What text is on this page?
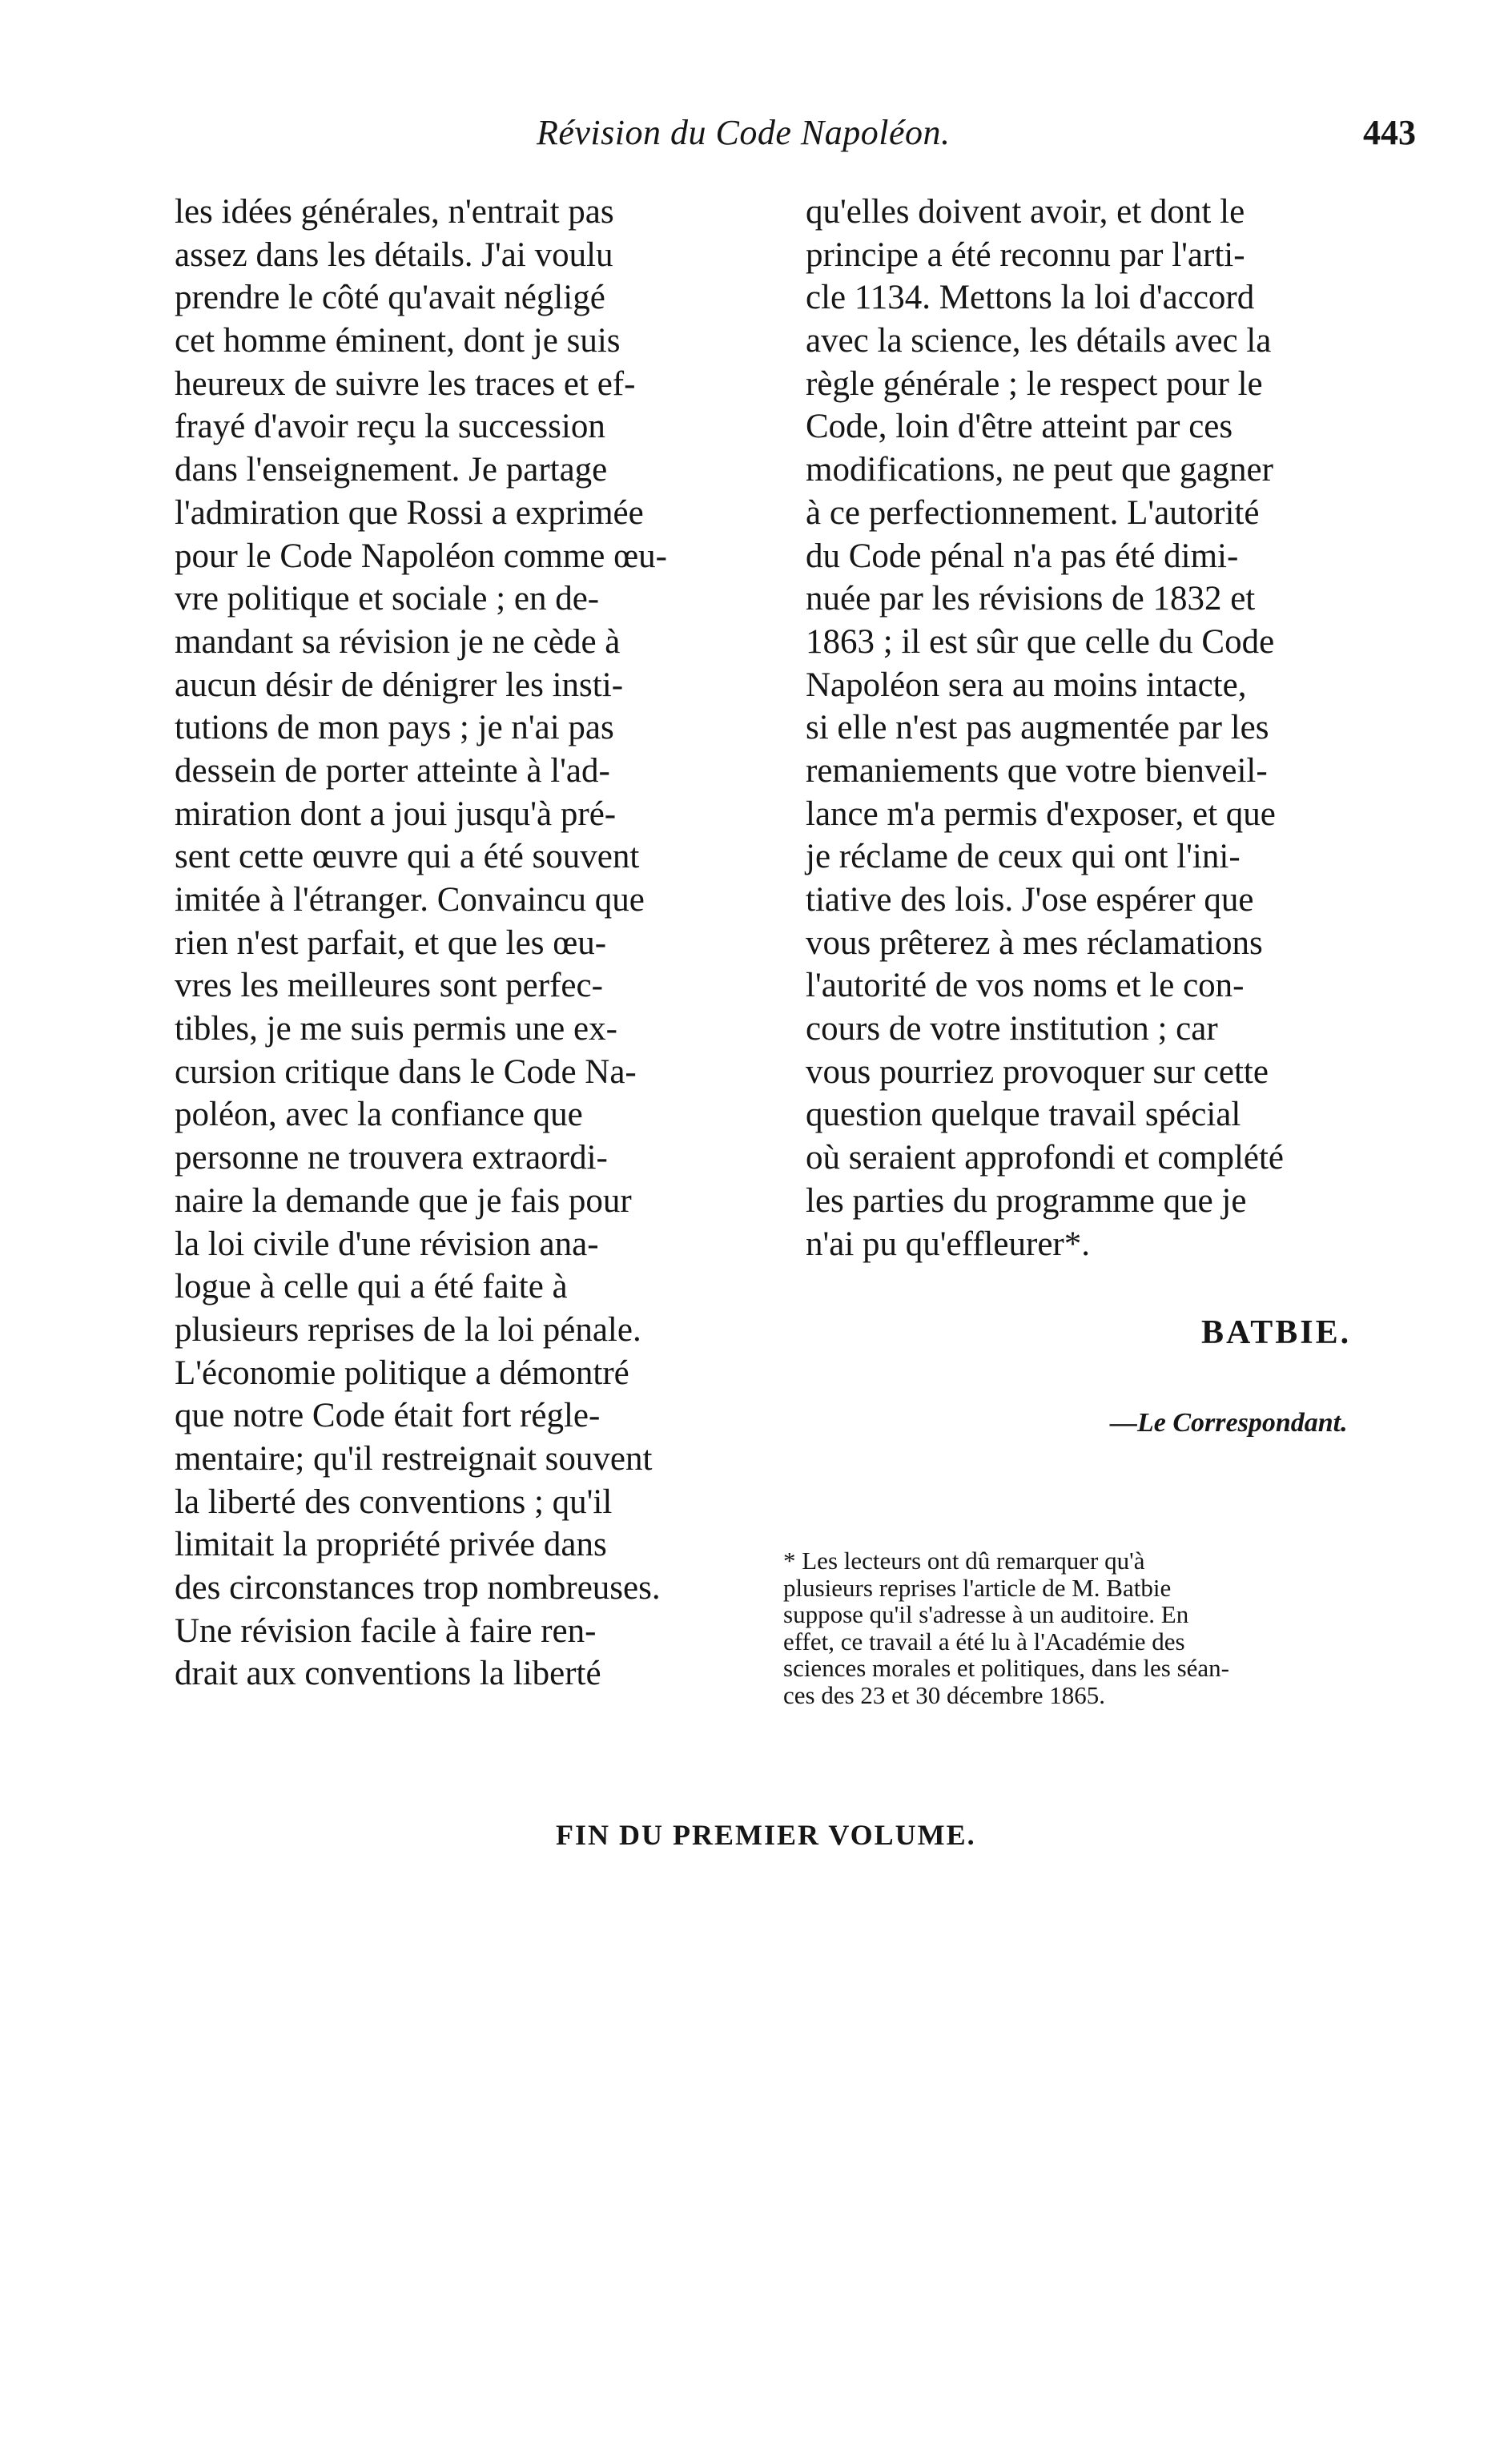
Révision du Code Napoléon.	443
les idées générales, n'entrait pas
assez dans les détails. J'ai voulu
prendre le côté qu'avait négligé
cet homme éminent, dont je suis
heureux de suivre les traces et ef-
frayé d'avoir reçu la succession
dans l'enseignement. Je partage
l'admiration que Rossi a exprimée
pour le Code Napoléon comme œu-
vre politique et sociale ; en de-
mandant sa révision je ne cède à
aucun désir de dénigrer les insti-
tutions de mon pays ; je n'ai pas
dessein de porter atteinte à l'ad-
miration dont a joui jusqu'à pré-
sent cette œuvre qui a été souvent
imitée à l'étranger. Convaincu que
rien n'est parfait, et que les œu-
vres les meilleures sont perfec-
tibles, je me suis permis une ex-
cursion critique dans le Code Na-
poléon, avec la confiance que
personne ne trouvera extraordi-
naire la demande que je fais pour
la loi civile d'une révision ana-
logue à celle qui a été faite à
plusieurs reprises de la loi pénale.
L'économie politique a démontré
que notre Code était fort régle-
mentaire; qu'il restreignait souvent
la liberté des conventions ; qu'il
limitait la propriété privée dans
des circonstances trop nombreuses.
Une révision facile à faire ren-
drait aux conventions la liberté
qu'elles doivent avoir, et dont le
principe a été reconnu par l'arti-
cle 1134. Mettons la loi d'accord
avec la science, les détails avec la
règle générale ; le respect pour le
Code, loin d'être atteint par ces
modifications, ne peut que gagner
à ce perfectionnement. L'autorité
du Code pénal n'a pas été dimi-
nuée par les révisions de 1832 et
1863 ; il est sûr que celle du Code
Napoléon sera au moins intacte,
si elle n'est pas augmentée par les
remaniements que votre bienveil-
lance m'a permis d'exposer, et que
je réclame de ceux qui ont l'ini-
tiative des lois. J'ose espérer que
vous prêterez à mes réclamations
l'autorité de vos noms et le con-
cours de votre institution ; car
vous pourriez provoquer sur cette
question quelque travail spécial
où seraient approfondi et complété
les parties du programme que je
n'ai pu qu'effleurer*.
BATBIE.
—Le Correspondant.
* Les lecteurs ont dû remarquer qu'à
plusieurs reprises l'article de M. Batbie
suppose qu'il s'adresse à un auditoire. En
effet, ce travail a été lu à l'Académie des
sciences morales et politiques, dans les séan-
ces des 23 et 30 décembre 1865.
FIN DU PREMIER VOLUME.
